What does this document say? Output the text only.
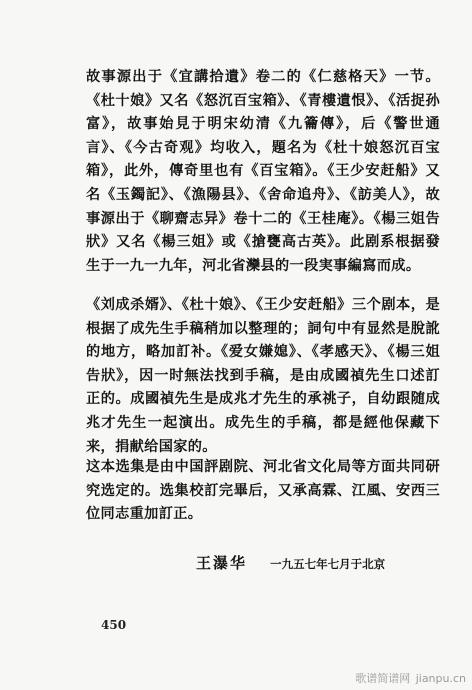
故事源出于《宜講拾遺》卷二的《仁慈格天》一节。《杜十娘》又名《怒沉百宝箱》、《青樓遺恨》、《活捉孙富》，故事始見于明宋幼清《九籥傳》，后《警世通言》、《今古奇观》均收入，題名为《杜十娘怒沉百宝箱》，此外，傳奇里也有《百宝箱》。《王少安赶船》又名《玉鐲記》、《漁陽县》、《舍命追舟》、《訪美人》，故事源出于《聊齋志异》卷十二的《王桂庵》。《楊三姐告狀》又名《楊三姐》或《搶甕高古英》。此剧系根据發生于一九一九年，河北省灤县的一段実事編寫而成。

《刘成杀婿》、《杜十娘》、《王少安赶船》三个剧本，是根据了成先生手稿稍加以整理的；詞句中有显然是脫訛的地方，略加訂补。《爱女嫌媳》、《孝感天》、《楊三姐告狀》，因一时無法找到手稿，是由成國禎先生口述訂正的。成國禎先生是成兆才先生的承祧子，自幼跟随成兆才先生一起演出。成先生的手稿，都是經他保藏下来，捐献给国家的。

这本选集是由中国評剧院、河北省文化局等方面共同研究选定的。选集校訂完畢后，又承高霖、江風、安西三位同志重加訂正。

王瀑华 一九五七年七月于北京
450
歌谱简谱网 jianpu.cn
